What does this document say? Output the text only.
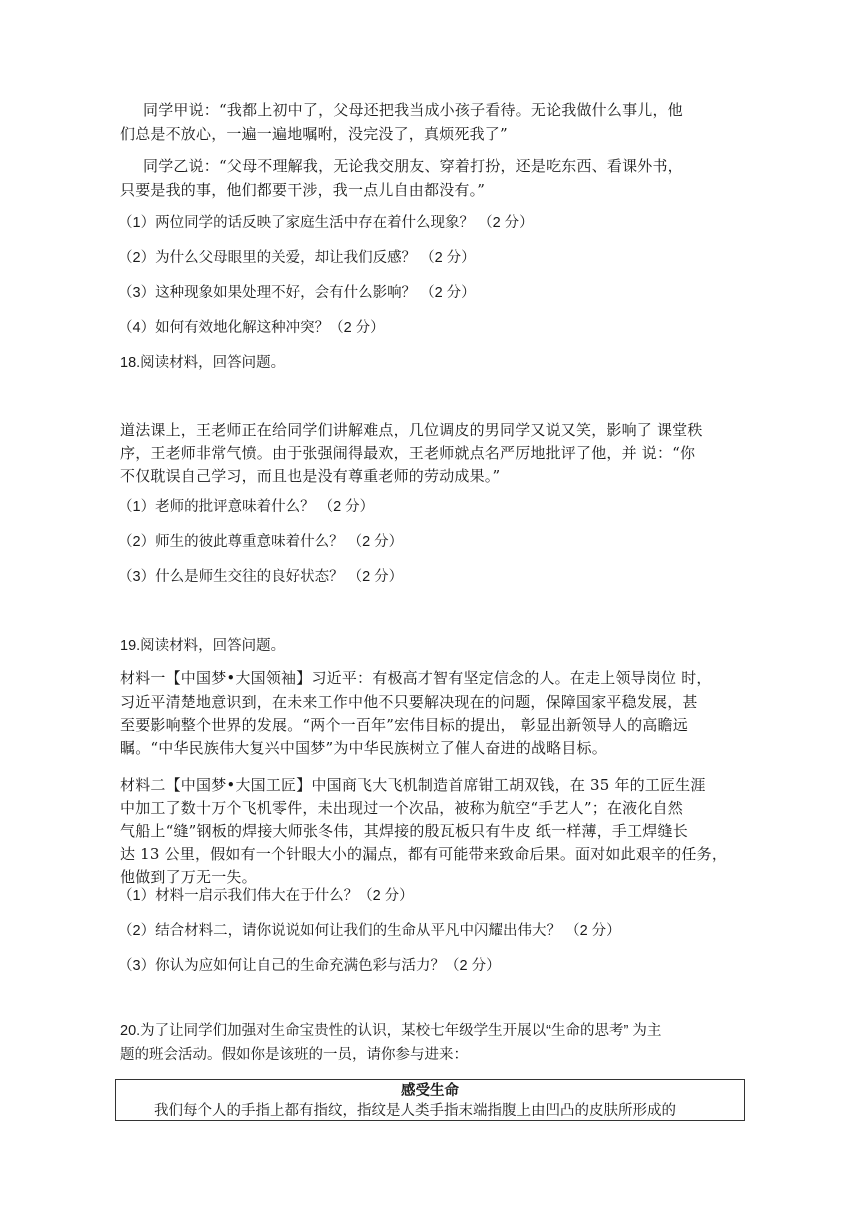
同学甲说：“我都上初中了，父母还把我当成小孩子看待。无论我做什么事儿，他
们总是不放心，一遍一遍地嘱咐，没完没了，真烦死我了”
同学乙说：“父母不理解我，无论我交朋友、穿着打扮，还是吃东西、看课外书，
只要是我的事，他们都要干涉，我一点儿自由都没有。”
（1）两位同学的话反映了家庭生活中存在着什么现象？ （2 分）
（2）为什么父母眼里的关爱，却让我们反感？ （2 分）
（3）这种现象如果处理不好，会有什么影响？ （2 分）
（4）如何有效地化解这种冲突？（2 分）
18.阅读材料，回答问题。
道法课上，王老师正在给同学们讲解难点，几位调皮的男同学又说又笑，影响了 课堂秩
序，王老师非常气愤。由于张强闹得最欢，王老师就点名严厉地批评了他，并 说：“你
不仅耽误自己学习，而且也是没有尊重老师的劳动成果。”
（1）老师的批评意味着什么？ （2 分）
（2）师生的彼此尊重意味着什么？ （2 分）
（3）什么是师生交往的良好状态？ （2 分）
19.阅读材料，回答问题。
材料一【中国梦•大国领袖】习近平：有极高才智有坚定信念的人。在走上领导岗位 时，
习近平清楚地意识到，在未来工作中他不只要解决现在的问题，保障国家平稳发展，甚
至要影响整个世界的发展。“两个一百年”宏伟目标的提出， 彰显出新领导人的高瞻远
瞩。“中华民族伟大复兴中国梦”为中华民族树立了催人奋进的战略目标。
材料二【中国梦•大国工匠】中国商飞大飞机制造首席钳工胡双钱，在 35 年的工匠生涯
中加工了数十万个飞机零件，未出现过一个次品，被称为航空“手艺人”；在液化自然
气船上“缝”钢板的焊接大师张冬伟，其焊接的殷瓦板只有牛皮 纸一样薄，手工焊缝长
达 13 公里，假如有一个针眼大小的漏点，都有可能带来致命后果。面对如此艰辛的任务，
他做到了万无一失。
（1）材料一启示我们伟大在于什么？（2 分）
（2）结合材料二，请你说说如何让我们的生命从平凡中闪耀出伟大？ （2 分）
（3）你认为应如何让自己的生命充满色彩与活力？（2 分）
20.为了让同学们加强对生命宝贵性的认识，某校七年级学生开展以“生命的思考” 为主
题的班会活动。假如你是该班的一员，请你参与进来：
感受生命
我们每个人的手指上都有指纹，指纹是人类手指末端指腹上由凹凸的皮肤所形成的
